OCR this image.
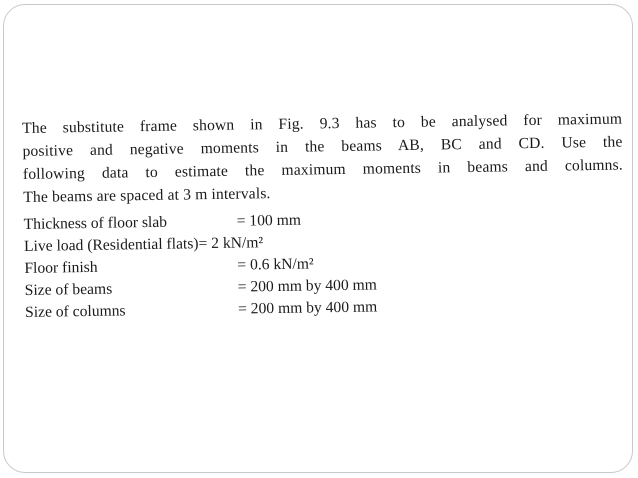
The substitute frame shown in Fig. 9.3 has to be analysed for maximum
positive and negative moments in the beams AB, BC and CD. Use the
following data to estimate the maximum moments in beams and columns.
The beams are spaced at 3 m intervals.
Thickness of floor slab	= 100 mm
Live load (Residential flats) = 2 kN/m²
Floor finish	= 0.6 kN/m²
Size of beams	= 200 mm by 400 mm
Size of columns	= 200 mm by 400 mm
